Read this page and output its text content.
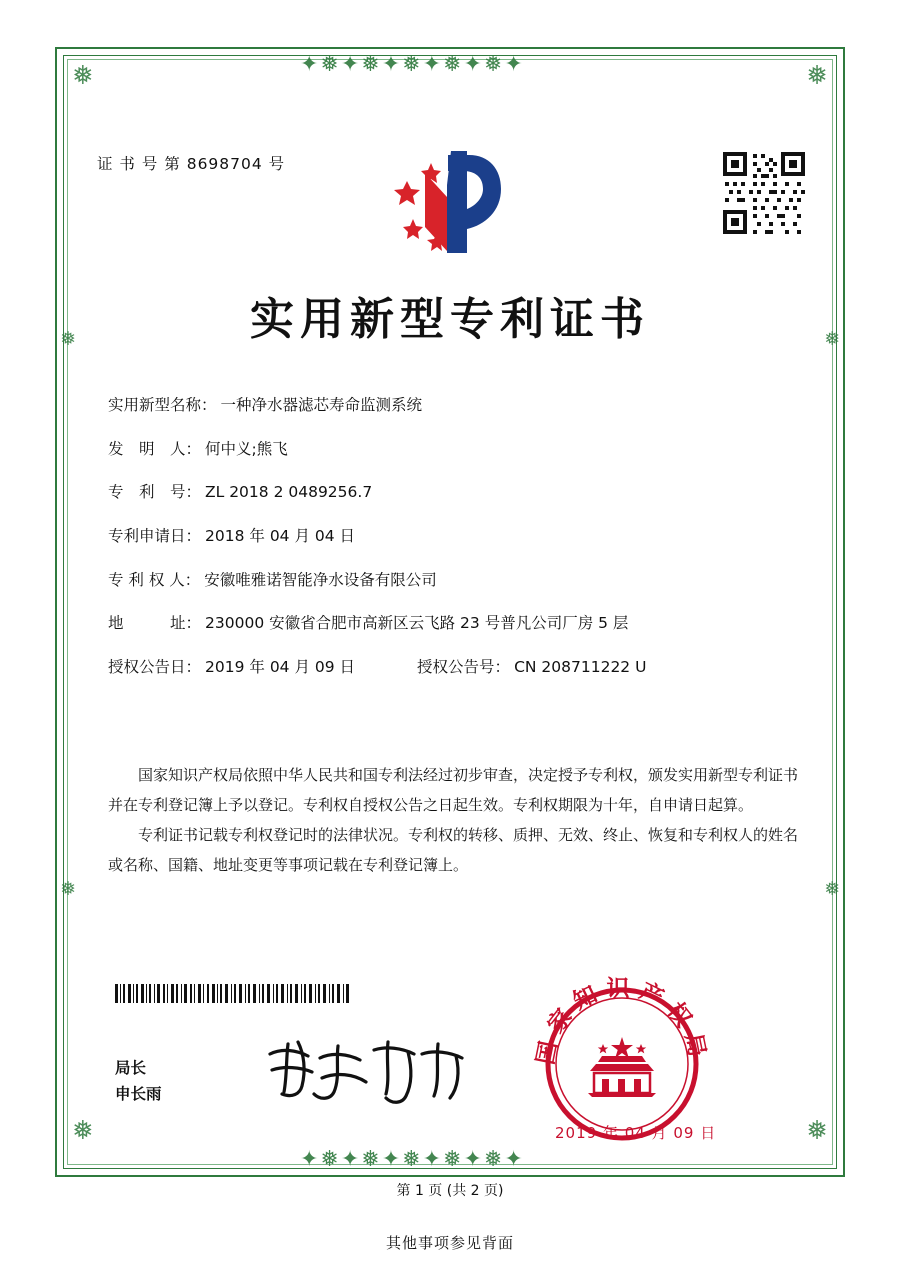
❅	❅
❅	❅
✦❅✦❅✦❅✦❅✦❅✦
✦❅✦❅✦❅✦❅✦❅✦
❅
❅
❅
❅
证 书 号 第 8698704 号
实用新型专利证书
实用新型名称： 一种净水器滤芯寿命监测系统
发　明　人： 何中义;熊飞
专　利　号： ZL 2018 2 0489256.7
专利申请日： 2018 年 04 月 04 日
专 利 权 人： 安徽唯雅诺智能净水设备有限公司
地　　　址： 230000 安徽省合肥市高新区云飞路 23 号普凡公司厂房 5 层
授权公告日： 2019 年 04 月 09 日	授权公告号： CN 208711222 U

国家知识产权局依照中华人民共和国专利法经过初步审查，决定授予专利权，颁发实用新型专利证书并在专利登记簿上予以登记。专利权自授权公告之日起生效。专利权期限为十年，自申请日起算。

专利证书记载专利权登记时的法律状况。专利权的转移、质押、无效、终止、恢复和专利权人的姓名或名称、国籍、地址变更等事项记载在专利登记簿上。

局长
申长雨
国家知识产权局
2019 年 04 月 09 日
第 1 页 (共 2 页)
其他事项参见背面
